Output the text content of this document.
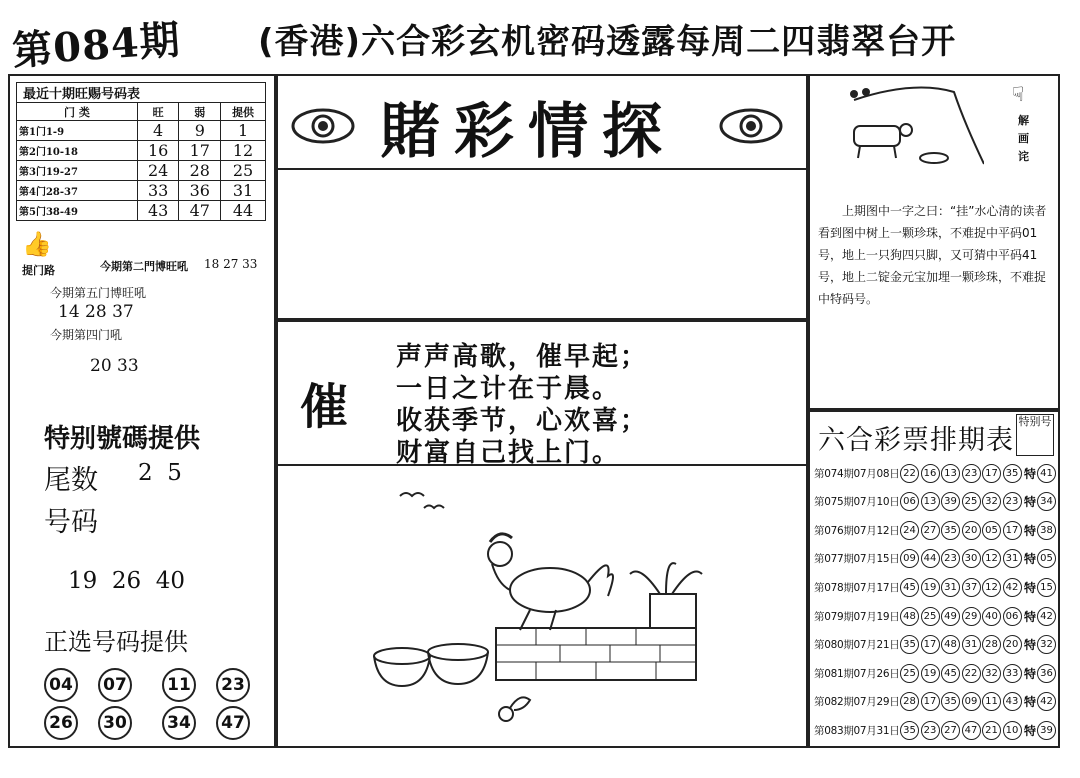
第084期 (香港)六合彩玄机密码透露每周二四翡翠台开
最近十期旺赐号码表			
门 类	旺	弱	提供
第1门1-9	4	9	1
第2门10-18	16	17	12
第3门19-27	24	28	25
第4门28-37	33	36	31
第5门38-49	43	47	44
👍
提门路	今期第二門博旺吼 18 27 33
今期第五门博旺吼
14 28 37
今期第四门吼
20 33
特别號碼提供
尾数 2  5
号码
19  26  40
正选号码提供
04	07	11	23
26	30	34	47
賭彩情探
催
声声高歌，催早起；
一日之计在于晨。
收获季节，心欢喜；
财富自己找上门。
☟
解画诧
上期图中一字之曰：“挂”水心清的读者看到图中树上一颗珍珠，不难捉中平码01号，地上一只狗四只脚，又可猜中平码41号，地上二锭金元宝加埋一颗珍珠，不难捉中特码号。
六合彩票排期表
特别号
第074期07月08日 22 16 13 23 17 35 特 41
第075期07月10日 06 13 39 25 32 23 特 34
第076期07月12日 24 27 35 20 05 17 特 38
第077期07月15日 09 44 23 30 12 31 特 05
第078期07月17日 45 19 31 37 12 42 特 15
第079期07月19日 48 25 49 29 40 06 特 42
第080期07月21日 35 17 48 31 28 20 特 32
第081期07月26日 25 19 45 22 32 33 特 36
第082期07月29日 28 17 35 09 11 43 特 42
第083期07月31日 35 23 27 47 21 10 特 39
